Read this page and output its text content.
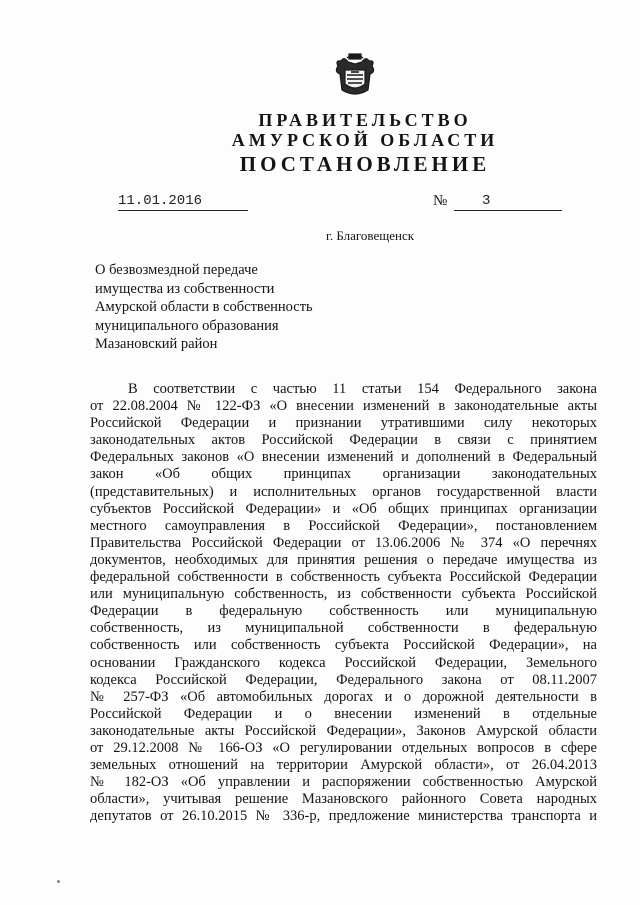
ПРАВИТЕЛЬСТВО
АМУРСКОЙ ОБЛАСТИ
ПОСТАНОВЛЕНИЕ
11.01.2016	№	3
г. Благовещенск
О безвозмездной передаче
имущества из собственности
Амурской области в собственность
муниципального образования
Мазановский район
В соответствии с частью 11 статьи 154 Федерального закона
от 22.08.2004 № 122-ФЗ «О внесении изменений в законодательные акты
Российской Федерации и признании утратившими силу некоторых
законодательных актов Российской Федерации в связи с принятием
Федеральных законов «О внесении изменений и дополнений в Федеральный
закон «Об общих принципах организации законодательных
(представительных) и исполнительных органов государственной власти
субъектов Российской Федерации» и «Об общих принципах организации
местного самоуправления в Российской Федерации», постановлением
Правительства Российской Федерации от 13.06.2006 № 374 «О перечнях
документов, необходимых для принятия решения о передаче имущества из
федеральной собственности в собственность субъекта Российской Федерации
или муниципальную собственность, из собственности субъекта Российской
Федерации в федеральную собственность или муниципальную
собственность, из муниципальной собственности в федеральную
собственность или собственность субъекта Российской Федерации», на
основании Гражданского кодекса Российской Федерации, Земельного
кодекса Российской Федерации, Федерального закона от 08.11.2007
№ 257-ФЗ «Об автомобильных дорогах и о дорожной деятельности в
Российской Федерации и о внесении изменений в отдельные
законодательные акты Российской Федерации», Законов Амурской области
от 29.12.2008 № 166-ОЗ «О регулировании отдельных вопросов в сфере
земельных отношений на территории Амурской области», от 26.04.2013
№ 182-ОЗ «Об управлении и распоряжении собственностью Амурской
области», учитывая решение Мазановского районного Совета народных
депутатов от 26.10.2015 № 336-р, предложение министерства транспорта и
